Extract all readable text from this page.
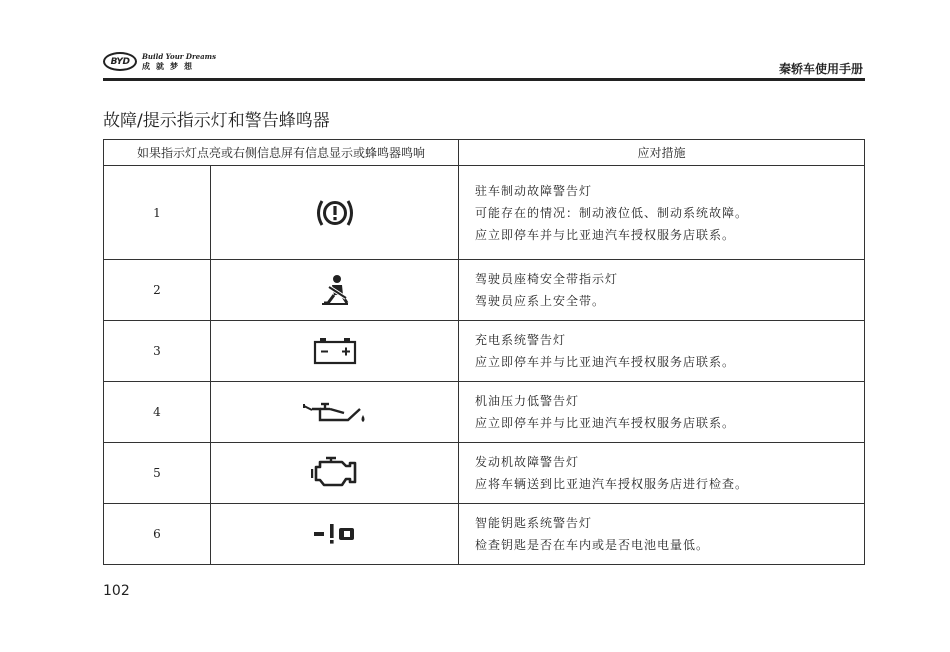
BYD Build Your Dreams
成就梦想	秦轿车使用手册
故障/提示指示灯和警告蜂鸣器
如果指示灯点亮或右侧信息屏有信息显示或蜂鸣器鸣响		应对措施
1		驻车制动故障警告灯
可能存在的情况：制动液位低、制动系统故障。
应立即停车并与比亚迪汽车授权服务店联系。

2		驾驶员座椅安全带指示灯
驾驶员应系上安全带。

3		充电系统警告灯
应立即停车并与比亚迪汽车授权服务店联系。

4		机油压力低警告灯
应立即停车并与比亚迪汽车授权服务店联系。

5		发动机故障警告灯
应将车辆送到比亚迪汽车授权服务店进行检查。

6		智能钥匙系统警告灯
检查钥匙是否在车内或是否电池电量低。
102
